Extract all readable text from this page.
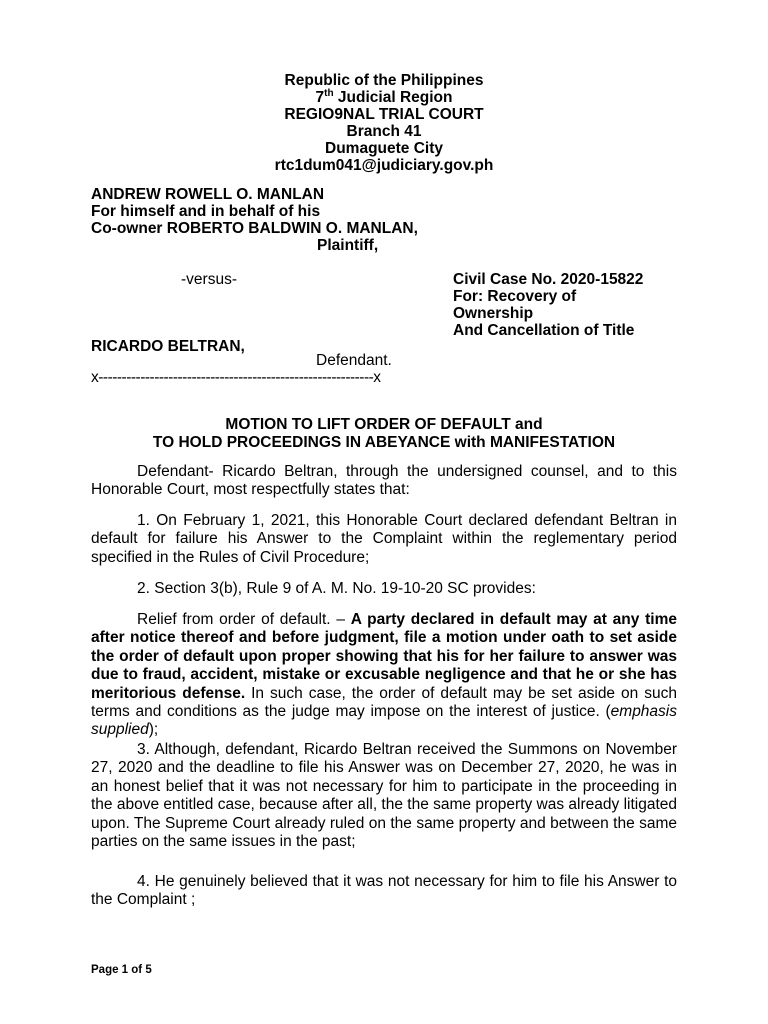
Republic of the Philippines
7th Judicial Region
REGIO9NAL TRIAL COURT
Branch 41
Dumaguete City
rtc1dum041@judiciary.gov.ph
ANDREW ROWELL O. MANLAN
For himself and in behalf of his
Co-owner ROBERTO BALDWIN O. MANLAN,
Plaintiff,
-versus-	Civil Case No. 2020-15822
For: Recovery of
Ownership
And Cancellation of Title
RICARDO BELTRAN,
Defendant.
x-----------------------------------------------------------x
MOTION TO LIFT ORDER OF DEFAULT and
TO HOLD PROCEEDINGS IN ABEYANCE with MANIFESTATION
Defendant- Ricardo Beltran, through the undersigned counsel, and to this Honorable Court, most respectfully states that:
1. On February 1, 2021, this Honorable Court declared defendant Beltran in default for failure his Answer to the Complaint within the reglementary period specified in the Rules of Civil Procedure;
2. Section 3(b), Rule 9 of A. M. No. 19-10-20 SC provides:
Relief from order of default. – A party declared in default may at any time after notice thereof and before judgment, file a motion under oath to set aside the order of default upon proper showing that his for her failure to answer was due to fraud, accident, mistake or excusable negligence and that he or she has meritorious defense. In such case, the order of default may be set aside on such terms and conditions as the judge may impose on the interest of justice. (emphasis supplied);
3. Although, defendant, Ricardo Beltran received the Summons on November 27, 2020 and the deadline to file his Answer was on December 27, 2020, he was in an honest belief that it was not necessary for him to participate in the proceeding in the above entitled case, because after all, the the same property was already litigated upon. The Supreme Court already ruled on the same property and between the same parties on the same issues in the past;
4. He genuinely believed that it was not necessary for him to file his Answer to the Complaint ;
Page 1 of 5
